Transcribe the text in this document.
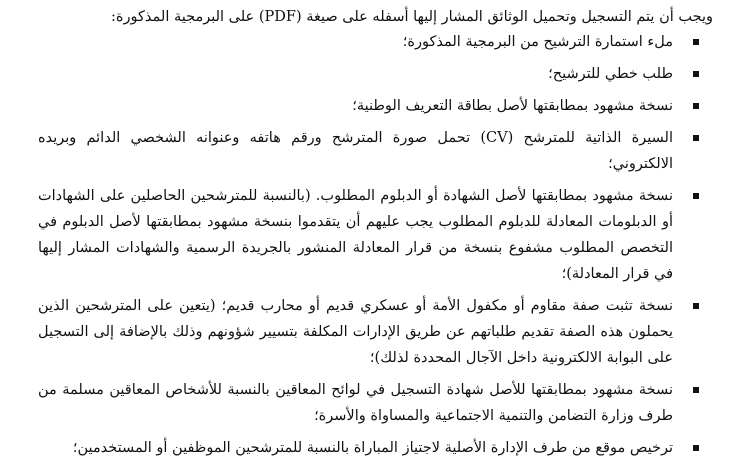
ويجب أن يتم التسجيل وتحميل الوثائق المشار إليها أسفله على صيغة (PDF) على البرمجية المذكورة:
ملء استمارة الترشيح من البرمجية المذكورة؛
طلب خطي للترشيح؛
نسخة مشهود بمطابقتها لأصل بطاقة التعريف الوطنية؛
السيرة الذاتية للمترشح (CV) تحمل صورة المترشح ورقم هاتفه وعنوانه الشخصي الدائم وبريده الالكتروني؛
نسخة مشهود بمطابقتها لأصل الشهادة أو الدبلوم المطلوب. (بالنسبة للمترشحين الحاصلين على الشهادات أو الدبلومات المعادلة للدبلوم المطلوب يجب عليهم أن يتقدموا بنسخة مشهود بمطابقتها لأصل الدبلوم في التخصص المطلوب مشفوع بنسخة من قرار المعادلة المنشور بالجريدة الرسمية والشهادات المشار إليها في قرار المعادلة)؛
نسخة تثبت صفة مقاوم أو مكفول الأمة أو عسكري قديم أو محارب قديم؛ (يتعين على المترشحين الذين يحملون هذه الصفة تقديم طلباتهم عن طريق الإدارات المكلفة بتسيير شؤونهم وذلك بالإضافة إلى التسجيل على البوابة الالكترونية داخل الآجال المحددة لذلك)؛
نسخة مشهود بمطابقتها للأصل شهادة التسجيل في لوائح المعاقين بالنسبة للأشخاص المعاقين مسلمة من طرف وزارة التضامن والتنمية الاجتماعية والمساواة والأسرة؛
ترخيص موقع من طرف الإدارة الأصلية لاجتياز المباراة بالنسبة للمترشحين الموظفين أو المستخدمين؛
